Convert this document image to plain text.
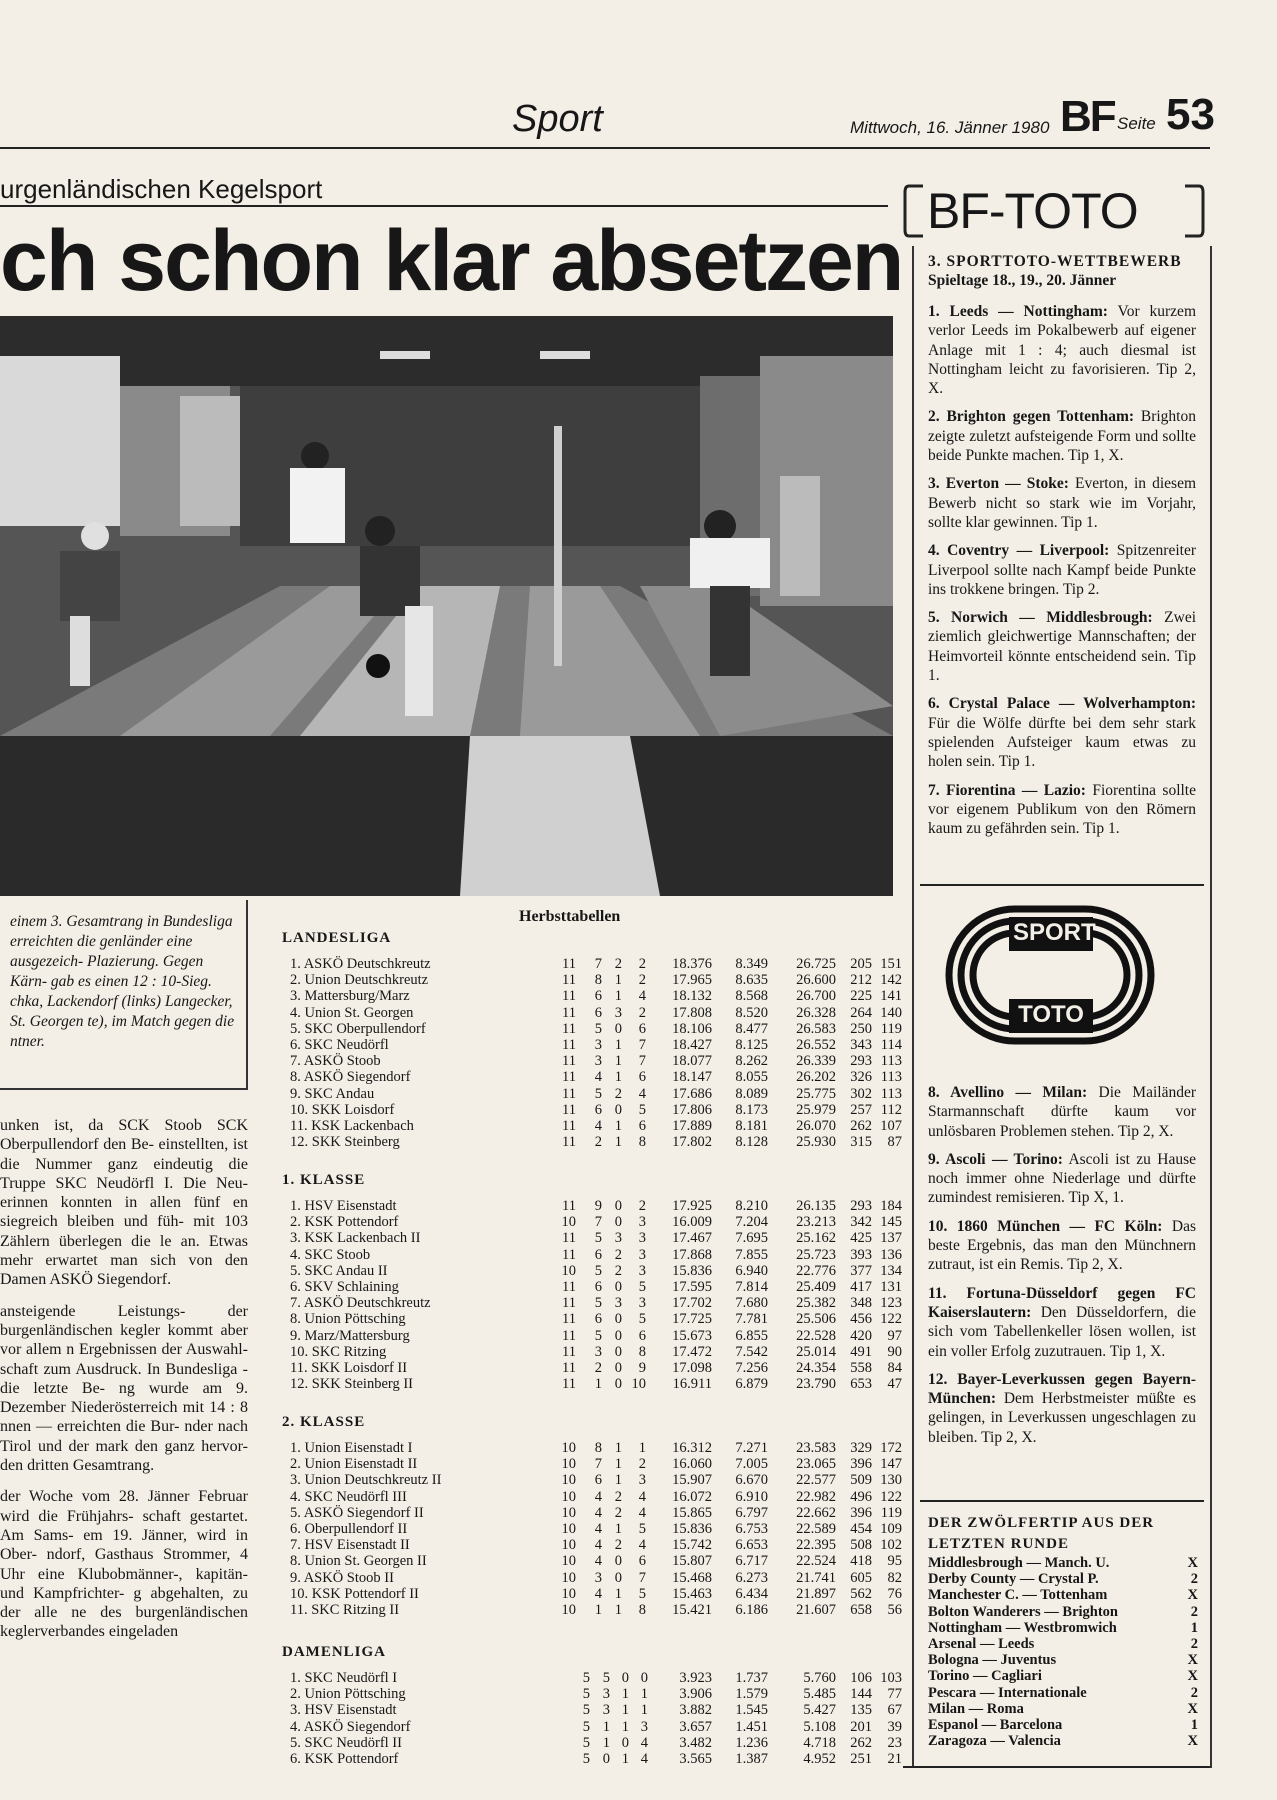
Sport	Mittwoch, 16. Jänner 1980 BF Seite 53
urgenländischen Kegelsport
ch schon klar absetzen
einem 3. Gesamtrang in Bundesliga erreichten die genländer eine ausgezeich- Plazierung. Gegen Kärn- gab es einen 12 : 10-Sieg. chka, Lackendorf (links) Langecker, St. Georgen te), im Match gegen die ntner.

unken ist, da SCK Stoob SCK Oberpullendorf den Be- einstellten, ist die Nummer ganz eindeutig die Truppe SKC Neudörfl I. Die Neu- erinnen konnten in allen fünf en siegreich bleiben und füh- mit 103 Zählern überlegen die le an. Etwas mehr erwartet man sich von den Damen ASKÖ Siegendorf.

ansteigende Leistungs- der burgenländischen kegler kommt aber vor allem n Ergebnissen der Auswahl- schaft zum Ausdruck. In Bundesliga - die letzte Be- ng wurde am 9. Dezember Niederösterreich mit 14 : 8 nnen — erreichten die Bur- nder nach Tirol und der mark den ganz hervor- den dritten Gesamtrang.

der Woche vom 28. Jänner Februar wird die Frühjahrs- schaft gestartet. Am Sams- em 19. Jänner, wird in Ober- ndorf, Gasthaus Strommer, 4 Uhr eine Klubobmänner-, kapitän- und Kampfrichter- g abgehalten, zu der alle ne des burgenländischen keglerverbandes eingeladen

Herbsttabellen
LANDESLIGA
1. ASKÖ Deutschkreutz	11	7 2	2	18.376	8.349	26.725 205 151
2. Union Deutschkreutz	11	8 1	2	17.965	8.635	26.600 212 142
3. Mattersburg/Marz	11	6 1	4	18.132	8.568	26.700 225 141
4. Union St. Georgen	11	6 3	2	17.808	8.520	26.328 264 140
5. SKC Oberpullendorf	11	5 0	6	18.106	8.477	26.583 250 119
6. SKC Neudörfl	11	3 1	7	18.427	8.125	26.552 343 114
7. ASKÖ Stoob	11	3 1	7	18.077	8.262	26.339 293 113
8. ASKÖ Siegendorf	11	4 1	6	18.147	8.055	26.202 326 113
9. SKC Andau	11	5 2	4	17.686	8.089	25.775 302 113
10. SKK Loisdorf	11	6 0	5	17.806	8.173	25.979 257 112
11. KSK Lackenbach	11	4 1	6	17.889	8.181	26.070 262 107
12. SKK Steinberg	11	2 1	8	17.802	8.128	25.930 315	87
1. KLASSE
1. HSV Eisenstadt	11	9 0	2	17.925	8.210	26.135 293 184
2. KSK Pottendorf	10	7 0	3	16.009	7.204	23.213 342 145
3. KSK Lackenbach II	11	5 3	3	17.467	7.695	25.162 425 137
4. SKC Stoob	11	6 2	3	17.868	7.855	25.723 393 136
5. SKC Andau II	10	5 2	3	15.836	6.940	22.776 377 134
6. SKV Schlaining	11	6 0	5	17.595	7.814	25.409 417 131
7. ASKÖ Deutschkreutz	11	5 3	3	17.702	7.680	25.382 348 123
8. Union Pöttsching	11	6 0	5	17.725	7.781	25.506 456 122
9. Marz/Mattersburg	11	5 0	6	15.673	6.855	22.528 420	97
10. SKC Ritzing	11	3 0	8	17.472	7.542	25.014 491	90
11. SKK Loisdorf II	11	2 0	9	17.098	7.256	24.354 558	84
12. SKK Steinberg II	11	1 0 10	16.911	6.879	23.790 653	47
2. KLASSE
1. Union Eisenstadt I	10	8 1	1	16.312	7.271	23.583 329 172
2. Union Eisenstadt II	10	7 1	2	16.060	7.005	23.065 396 147
3. Union Deutschkreutz II	10	6 1	3	15.907	6.670	22.577 509 130
4. SKC Neudörfl III	10	4 2	4	16.072	6.910	22.982 496 122
5. ASKÖ Siegendorf II	10	4 2	4	15.865	6.797	22.662 396 119
6. Oberpullendorf II	10	4 1	5	15.836	6.753	22.589 454 109
7. HSV Eisenstadt II	10	4 2	4	15.742	6.653	22.395 508 102
8. Union St. Georgen II	10	4 0	6	15.807	6.717	22.524 418	95
9. ASKÖ Stoob II	10	3 0	7	15.468	6.273	21.741 605	82
10. KSK Pottendorf II	10	4 1	5	15.463	6.434	21.897 562	76
11. SKC Ritzing II	10	1 1	8	15.421	6.186	21.607 658	56
DAMENLIGA
1. SKC Neudörfl I	5 5 0 0	3.923	1.737	5.760 106 103
2. Union Pöttsching	5 3 1 1	3.906	1.579	5.485 144	77
3. HSV Eisenstadt	5 3 1 1	3.882	1.545	5.427 135	67
4. ASKÖ Siegendorf	5 1 1 3	3.657	1.451	5.108 201	39
5. SKC Neudörfl II	5 1 0 4	3.482	1.236	4.718 262	23
6. KSK Pottendorf	5 0 1 4	3.565	1.387	4.952 251	21
BF-TOTO
3. SPORTTOTO-WETTBEWERB
Spieltage 18., 19., 20. Jänner

1. Leeds — Nottingham: Vor kurzem verlor Leeds im Pokalbewerb auf eigener Anlage mit 1 : 4; auch diesmal ist Nottingham leicht zu favorisieren. Tip 2, X.

2. Brighton gegen Tottenham: Brighton zeigte zuletzt aufsteigende Form und sollte beide Punkte machen. Tip 1, X.

3. Everton — Stoke: Everton, in diesem Bewerb nicht so stark wie im Vorjahr, sollte klar gewinnen. Tip 1.

4. Coventry — Liverpool: Spitzenreiter Liverpool sollte nach Kampf beide Punkte ins trokkene bringen. Tip 2.

5. Norwich — Middlesbrough: Zwei ziemlich gleichwertige Mannschaften; der Heimvorteil könnte entscheidend sein. Tip 1.

6. Crystal Palace — Wolverhampton: Für die Wölfe dürfte bei dem sehr stark spielenden Aufsteiger kaum etwas zu holen sein. Tip 1.

7. Fiorentina — Lazio: Fiorentina sollte vor eigenem Publikum von den Römern kaum zu gefährden sein. Tip 1.

SPORT
TOTO

8. Avellino — Milan: Die Mailänder Starmannschaft dürfte kaum vor unlösbaren Problemen stehen. Tip 2, X.

9. Ascoli — Torino: Ascoli ist zu Hause noch immer ohne Niederlage und dürfte zumindest remisieren. Tip X, 1.

10. 1860 München — FC Köln: Das beste Ergebnis, das man den Münchnern zutraut, ist ein Remis. Tip 2, X.

11. Fortuna-Düsseldorf gegen FC Kaiserslautern: Den Düsseldorfern, die sich vom Tabellenkeller lösen wollen, ist ein voller Erfolg zuzutrauen. Tip 1, X.

12. Bayer-Leverkussen gegen Bayern-München: Dem Herbstmeister müßte es gelingen, in Leverkussen ungeschlagen zu bleiben. Tip 2, X.

DER ZWÖLFERTIP AUS DER LETZTEN RUNDE
Middlesbrough — Manch. U.	X
Derby County — Crystal P.	2
Manchester C. — Tottenham	X
Bolton Wanderers — Brighton	2
Nottingham — Westbromwich	1
Arsenal — Leeds	2
Bologna — Juventus	X
Torino — Cagliari	X
Pescara — Internationale	2
Milan — Roma	X
Espanol — Barcelona	1
Zaragoza — Valencia	X
